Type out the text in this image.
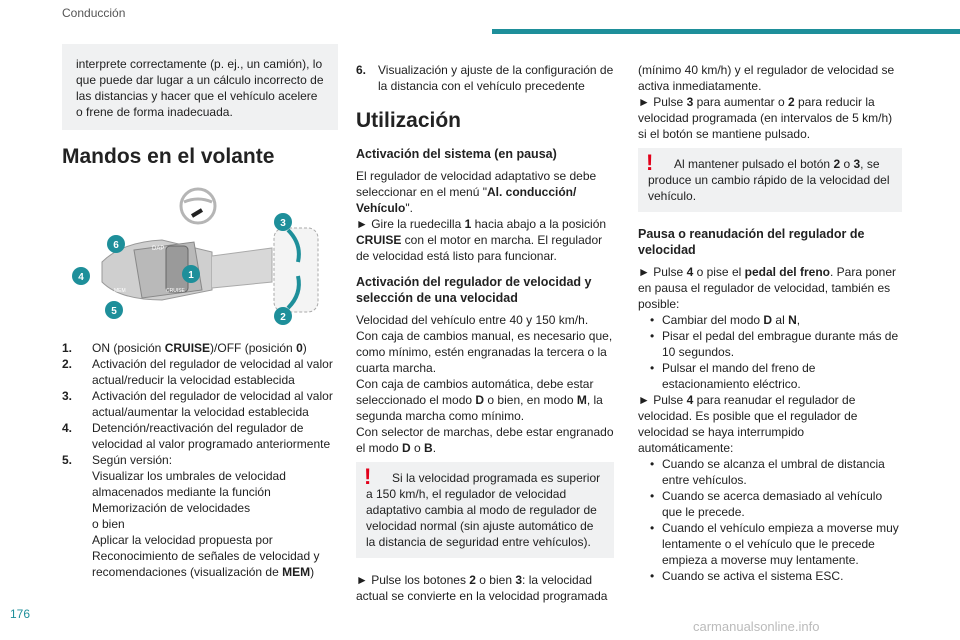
Conducción

interprete correctamente (p. ej., un camión), lo que puede dar lugar a un cálculo incorrecto de las distancias y hacer que el vehículo acelere o frene de forma inadecuada.

Mandos en el volante
DAP
CRUISE
MEM
1
2
3
4
5
6
1. ON (posición CRUISE)/OFF (posición 0)
2. Activación del regulador de velocidad al valor actual/reducir la velocidad establecida
3. Activación del regulador de velocidad al valor actual/aumentar la velocidad establecida
4. Detención/reactivación del regulador de velocidad al valor programado anteriormente
5. Según versión:
Visualizar los umbrales de velocidad almacenados mediante la función
Memorización de velocidades
o bien
Aplicar la velocidad propuesta por Reconocimiento de señales de velocidad y recomendaciones (visualización de MEM)
6. Visualización y ajuste de la configuración de la distancia con el vehículo precedente
Utilización
Activación del sistema (en pausa)

El regulador de velocidad adaptativo se debe seleccionar en el menú "Al. conducción/ Vehículo".

► Gire la ruedecilla 1 hacia abajo a la posición CRUISE con el motor en marcha. El regulador de velocidad está listo para funcionar.

Activación del regulador de velocidad y selección de una velocidad

Velocidad del vehículo entre 40 y 150 km/h.

Con caja de cambios manual, es necesario que, como mínimo, estén engranadas la tercera o la cuarta marcha.

Con caja de cambios automática, debe estar seleccionado el modo D o bien, en modo M, la segunda marcha como mínimo.

Con selector de marchas, debe estar engranado el modo D o B.

!	Si la velocidad programada es superior a 150 km/h, el regulador de velocidad adaptativo cambia al modo de regulador de velocidad normal (sin ajuste automático de la distancia de seguridad entre vehículos).

► Pulse los botones 2 o bien 3: la velocidad actual se convierte en la velocidad programada

(mínimo 40 km/h) y el regulador de velocidad se activa inmediatamente.

► Pulse 3 para aumentar o 2 para reducir la velocidad programada (en intervalos de 5 km/h) si el botón se mantiene pulsado.

!	Al mantener pulsado el botón 2 o 3, se produce un cambio rápido de la velocidad del vehículo.

Pausa o reanudación del regulador de velocidad

► Pulse 4 o pise el pedal del freno. Para poner en pausa el regulador de velocidad, también es posible:

• Cambiar del modo D al N,
• Pisar el pedal del embrague durante más de 10 segundos.
• Pulsar el mando del freno de estacionamiento eléctrico.

► Pulse 4 para reanudar el regulador de velocidad. Es posible que el regulador de velocidad se haya interrumpido automáticamente:

• Cuando se alcanza el umbral de distancia entre vehículos.
• Cuando se acerca demasiado al vehículo que le precede.
• Cuando el vehículo empieza a moverse muy lentamente o el vehículo que le precede empieza a moverse muy lentamente.
• Cuando se activa el sistema ESC.
176
carmanualsonline.info
